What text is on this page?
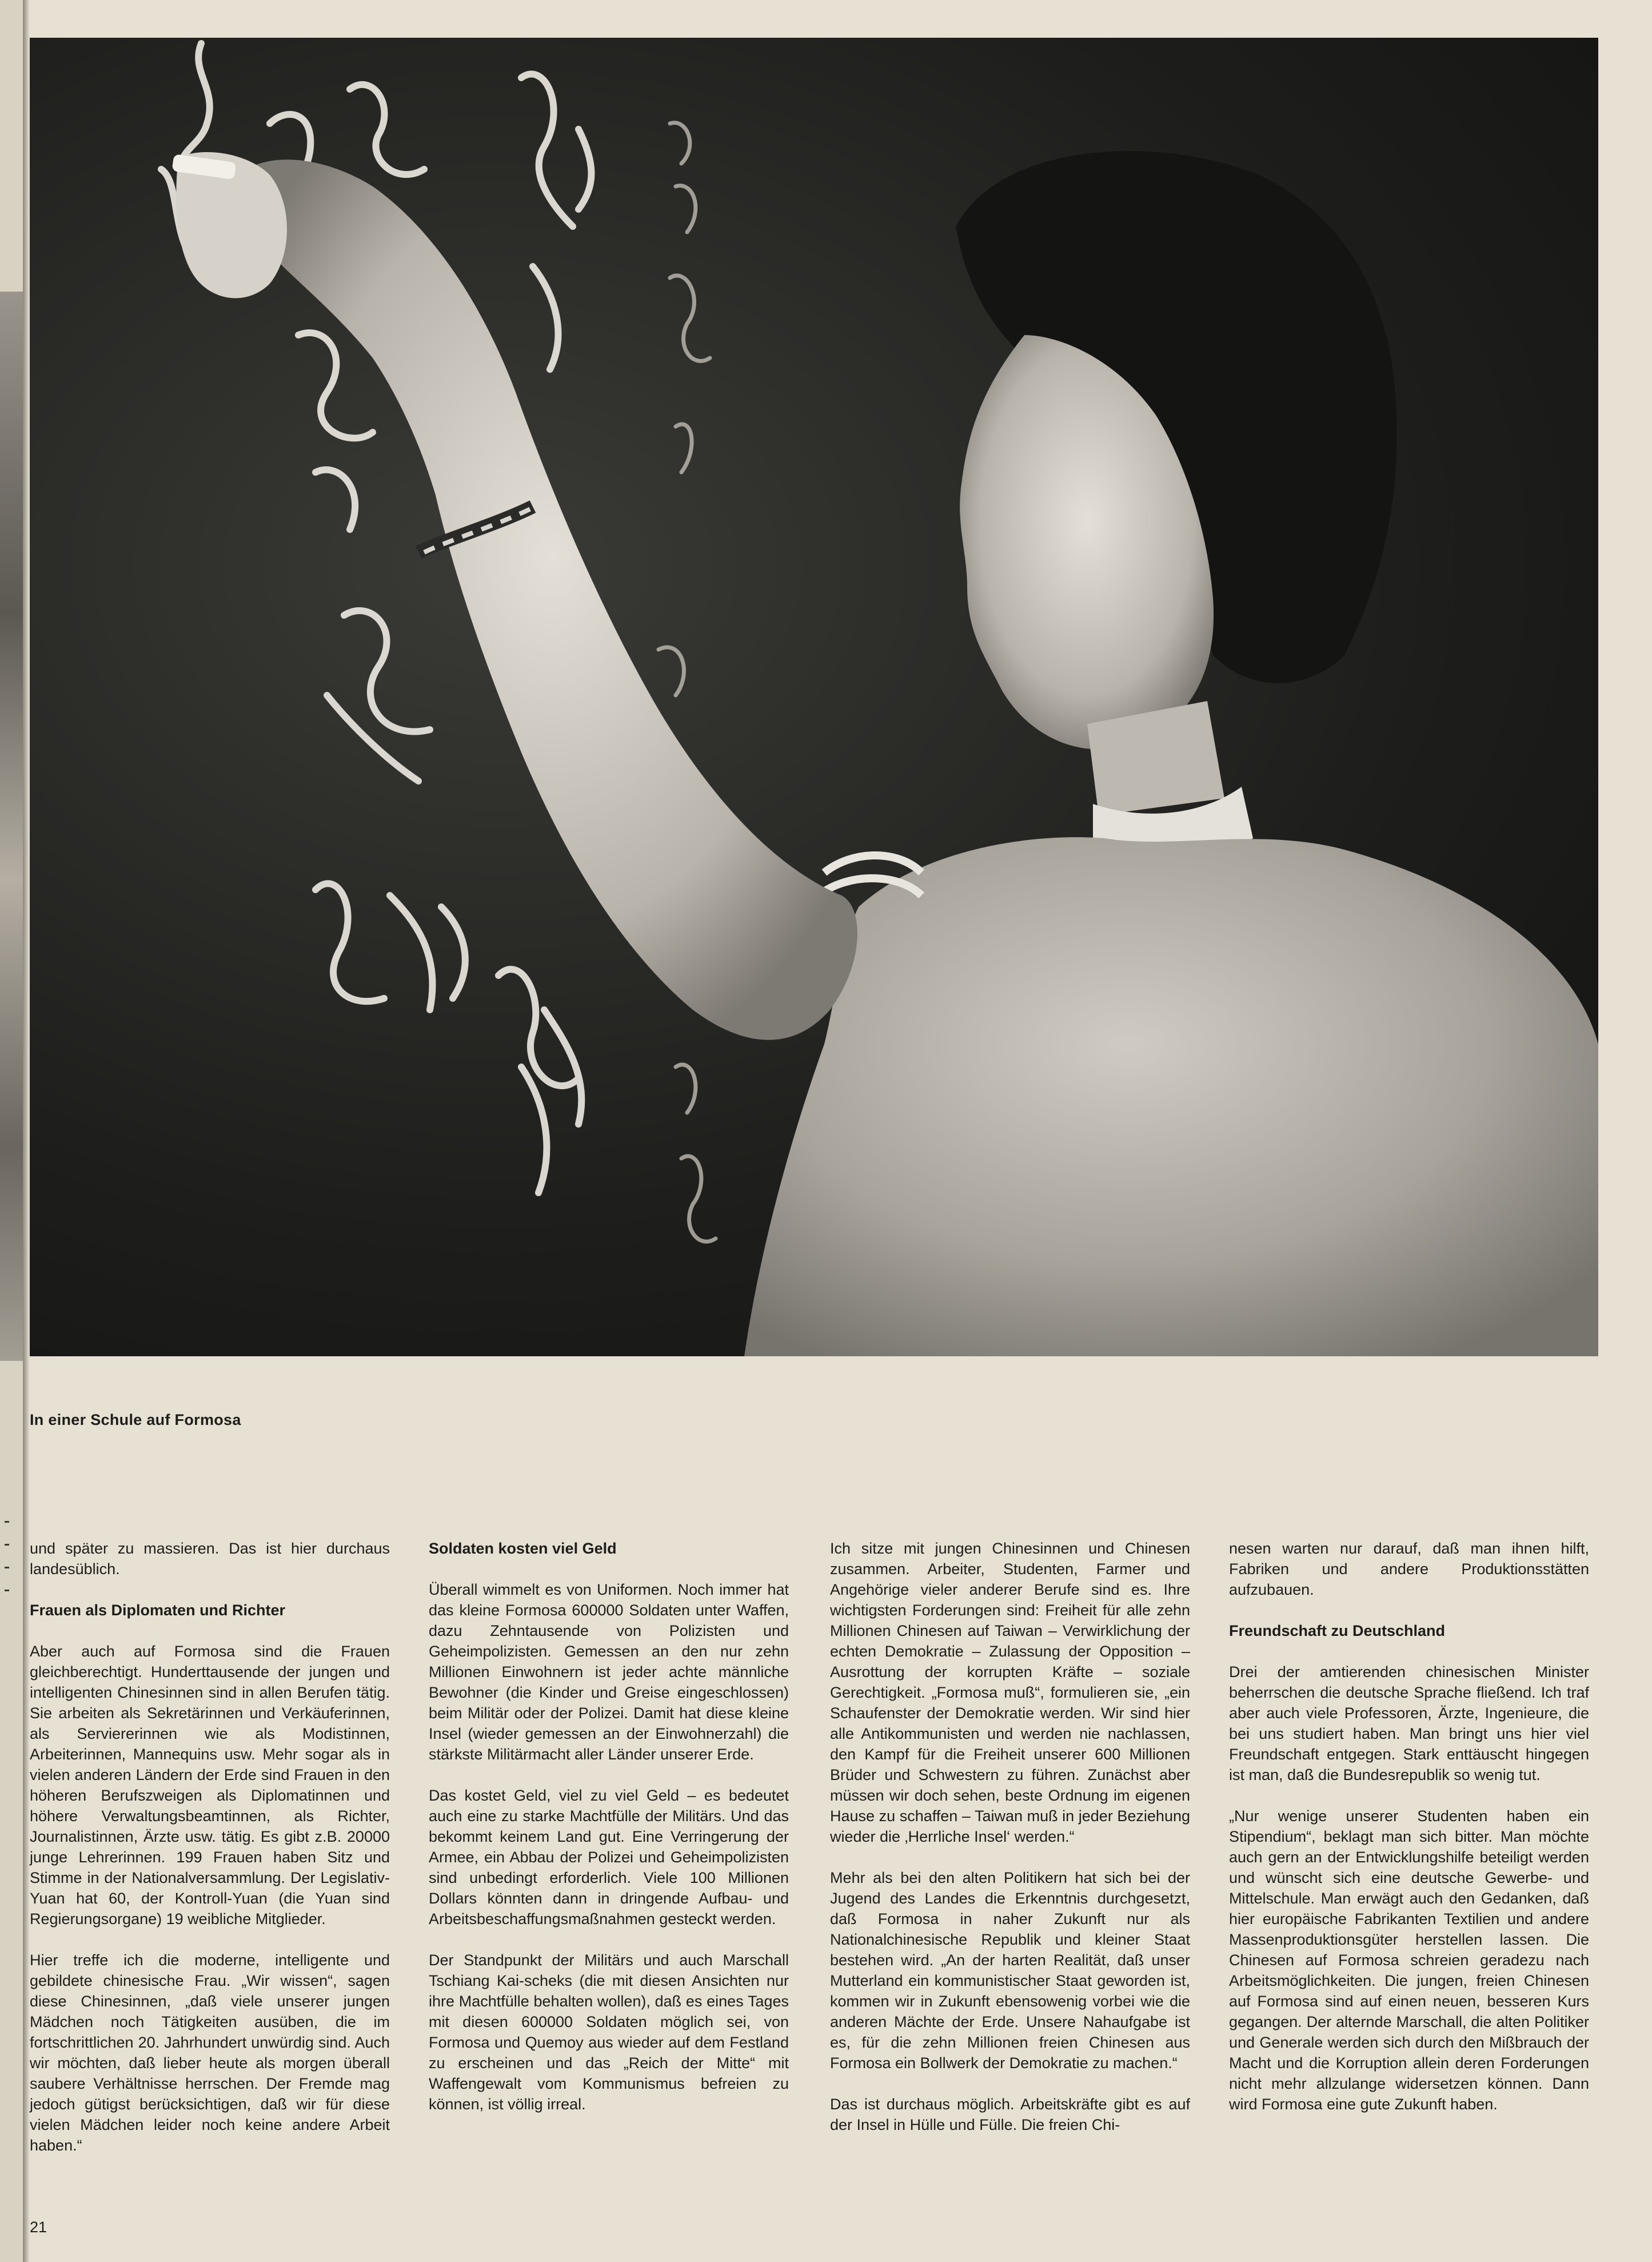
In einer Schule auf Formosa

und später zu massieren. Das ist hier durchaus landesüblich.

Frauen als Diplomaten und Richter

Aber auch auf Formosa sind die Frauen gleichberechtigt. Hunderttausende der jungen und intelligenten Chinesinnen sind in allen Berufen tätig. Sie arbeiten als Sekretärinnen und Verkäuferinnen, als Serviererinnen wie als Modistinnen, Arbeiterinnen, Mannequins usw. Mehr sogar als in vielen anderen Ländern der Erde sind Frauen in den höheren Berufszweigen als Diplomatinnen und höhere Verwaltungsbeamtinnen, als Richter, Journalistinnen, Ärzte usw. tätig. Es gibt z.B. 20000 junge Lehrerinnen. 199 Frauen haben Sitz und Stimme in der Nationalversammlung. Der Legislativ-Yuan hat 60, der Kontroll-Yuan (die Yuan sind Regierungsorgane) 19 weibliche Mitglieder.

Hier treffe ich die moderne, intelligente und gebildete chinesische Frau. „Wir wissen“, sagen diese Chinesinnen, „daß viele unserer jungen Mädchen noch Tätigkeiten ausüben, die im fortschrittlichen 20. Jahrhundert unwürdig sind. Auch wir möchten, daß lieber heute als morgen überall saubere Verhältnisse herrschen. Der Fremde mag jedoch gütigst berücksichtigen, daß wir für diese vielen Mädchen leider noch keine andere Arbeit haben.“

Soldaten kosten viel Geld

Überall wimmelt es von Uniformen. Noch immer hat das kleine Formosa 600000 Soldaten unter Waffen, dazu Zehntausende von Polizisten und Geheimpolizisten. Gemessen an den nur zehn Millionen Einwohnern ist jeder achte männliche Bewohner (die Kinder und Greise eingeschlossen) beim Militär oder der Polizei. Damit hat diese kleine Insel (wieder gemessen an der Einwohnerzahl) die stärkste Militärmacht aller Länder unserer Erde.

Das kostet Geld, viel zu viel Geld – es bedeutet auch eine zu starke Machtfülle der Militärs. Und das bekommt keinem Land gut. Eine Verringerung der Armee, ein Abbau der Polizei und Geheimpolizisten sind unbedingt erforderlich. Viele 100 Millionen Dollars könnten dann in dringende Aufbau- und Arbeitsbeschaffungsmaßnahmen gesteckt werden.

Der Standpunkt der Militärs und auch Marschall Tschiang Kai-scheks (die mit diesen Ansichten nur ihre Machtfülle behalten wollen), daß es eines Tages mit diesen 600000 Soldaten möglich sei, von Formosa und Quemoy aus wieder auf dem Festland zu erscheinen und das „Reich der Mitte“ mit Waffengewalt vom Kommunismus befreien zu können, ist völlig irreal.

Ich sitze mit jungen Chinesinnen und Chinesen zusammen. Arbeiter, Studenten, Farmer und Angehörige vieler anderer Berufe sind es. Ihre wichtigsten Forderungen sind: Freiheit für alle zehn Millionen Chinesen auf Taiwan – Verwirklichung der echten Demokratie – Zulassung der Opposition – Ausrottung der korrupten Kräfte – soziale Gerechtigkeit. „Formosa muß“, formulieren sie, „ein Schaufenster der Demokratie werden. Wir sind hier alle Antikommunisten und werden nie nachlassen, den Kampf für die Freiheit unserer 600 Millionen Brüder und Schwestern zu führen. Zunächst aber müssen wir doch sehen, beste Ordnung im eigenen Hause zu schaffen – Taiwan muß in jeder Beziehung wieder die ‚Herrliche Insel‘ werden.“

Mehr als bei den alten Politikern hat sich bei der Jugend des Landes die Erkenntnis durchgesetzt, daß Formosa in naher Zukunft nur als Nationalchinesische Republik und kleiner Staat bestehen wird. „An der harten Realität, daß unser Mutterland ein kommunistischer Staat geworden ist, kommen wir in Zukunft ebensowenig vorbei wie die anderen Mächte der Erde. Unsere Nahaufgabe ist es, für die zehn Millionen freien Chinesen aus Formosa ein Bollwerk der Demokratie zu machen.“

Das ist durchaus möglich. Arbeitskräfte gibt es auf der Insel in Hülle und Fülle. Die freien Chi-

nesen warten nur darauf, daß man ihnen hilft, Fabriken und andere Produktionsstätten aufzubauen.

Freundschaft zu Deutschland

Drei der amtierenden chinesischen Minister beherrschen die deutsche Sprache fließend. Ich traf aber auch viele Professoren, Ärzte, Ingenieure, die bei uns studiert haben. Man bringt uns hier viel Freundschaft entgegen. Stark enttäuscht hingegen ist man, daß die Bundesrepublik so wenig tut.

„Nur wenige unserer Studenten haben ein Stipendium“, beklagt man sich bitter. Man möchte auch gern an der Entwicklungshilfe beteiligt werden und wünscht sich eine deutsche Gewerbe- und Mittelschule. Man erwägt auch den Gedanken, daß hier europäische Fabrikanten Textilien und andere Massenproduktionsgüter herstellen lassen. Die Chinesen auf Formosa schreien geradezu nach Arbeitsmöglichkeiten. Die jungen, freien Chinesen auf Formosa sind auf einen neuen, besseren Kurs gegangen. Der alternde Marschall, die alten Politiker und Generale werden sich durch den Mißbrauch der Macht und die Korruption allein deren Forderungen nicht mehr allzulange widersetzen können. Dann wird Formosa eine gute Zukunft haben.

21
